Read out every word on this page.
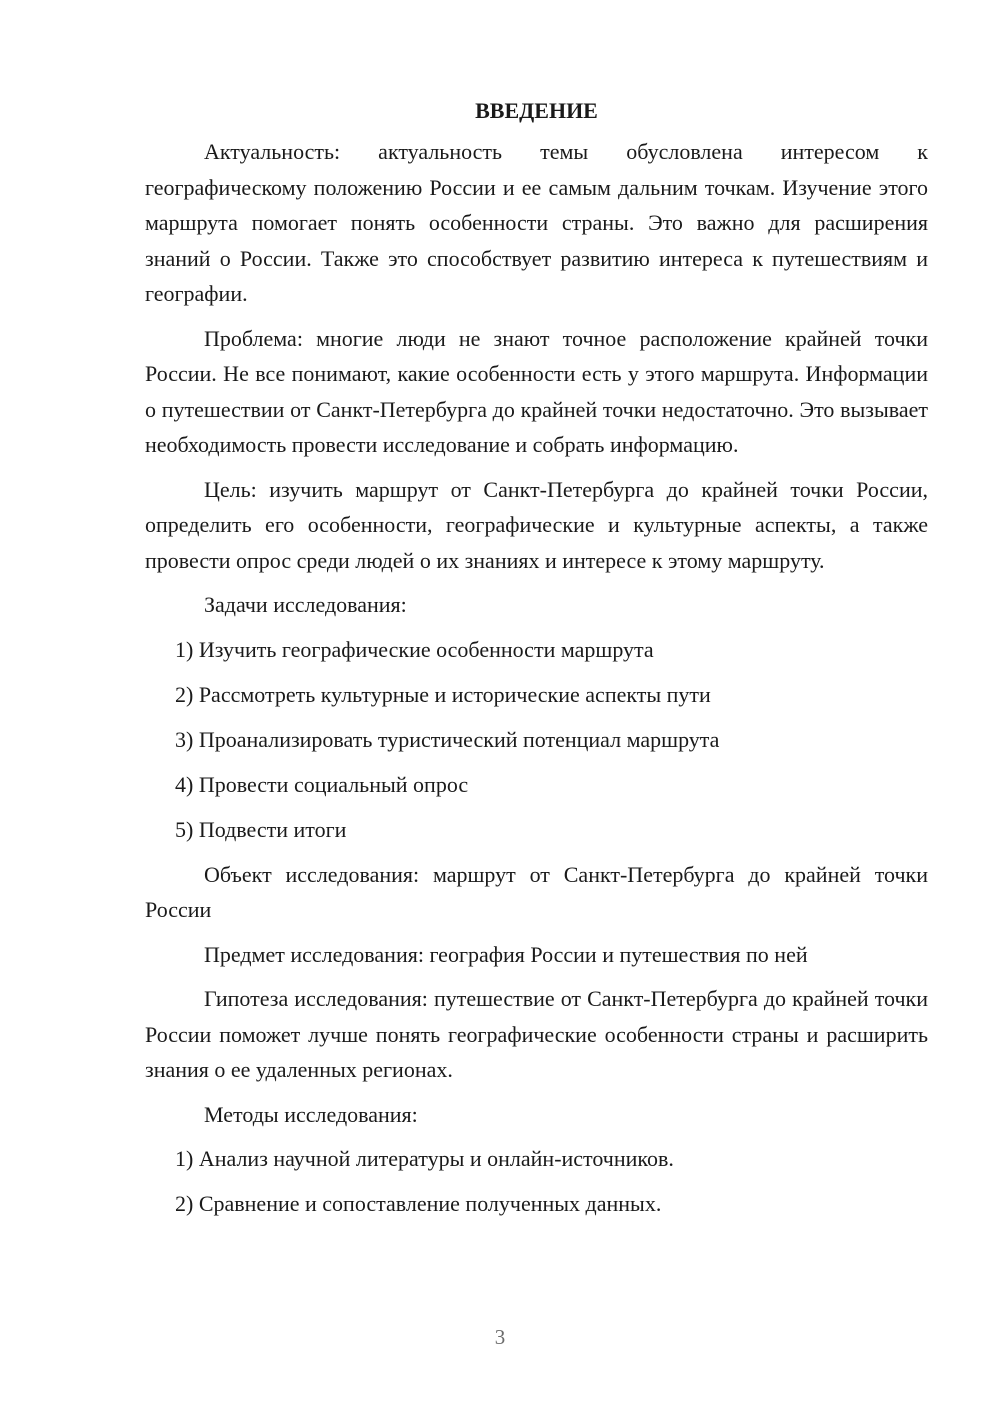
ВВЕДЕНИЕ

Актуальность: актуальность темы обусловлена интересом к географическому положению России и ее самым дальним точкам. Изучение этого маршрута помогает понять особенности страны. Это важно для расширения знаний о России. Также это способствует развитию интереса к путешествиям и географии.

Проблема: многие люди не знают точное расположение крайней точки России. Не все понимают, какие особенности есть у этого маршрута. Информации о путешествии от Санкт-Петербурга до крайней точки недостаточно. Это вызывает необходимость провести исследование и собрать информацию.

Цель: изучить маршрут от Санкт-Петербурга до крайней точки России, определить его особенности, географические и культурные аспекты, а также провести опрос среди людей о их знаниях и интересе к этому маршруту.

Задачи исследования:

1) Изучить географические особенности маршрута
2) Рассмотреть культурные и исторические аспекты пути
3) Проанализировать туристический потенциал маршрута
4) Провести социальный опрос
5) Подвести итоги

Объект исследования: маршрут от Санкт-Петербурга до крайней точки России

Предмет исследования: география России и путешествия по ней

Гипотеза исследования: путешествие от Санкт-Петербурга до крайней точки России поможет лучше понять географические особенности страны и расширить знания о ее удаленных регионах.

Методы исследования:

1) Анализ научной литературы и онлайн-источников.
2) Сравнение и сопоставление полученных данных.
3
